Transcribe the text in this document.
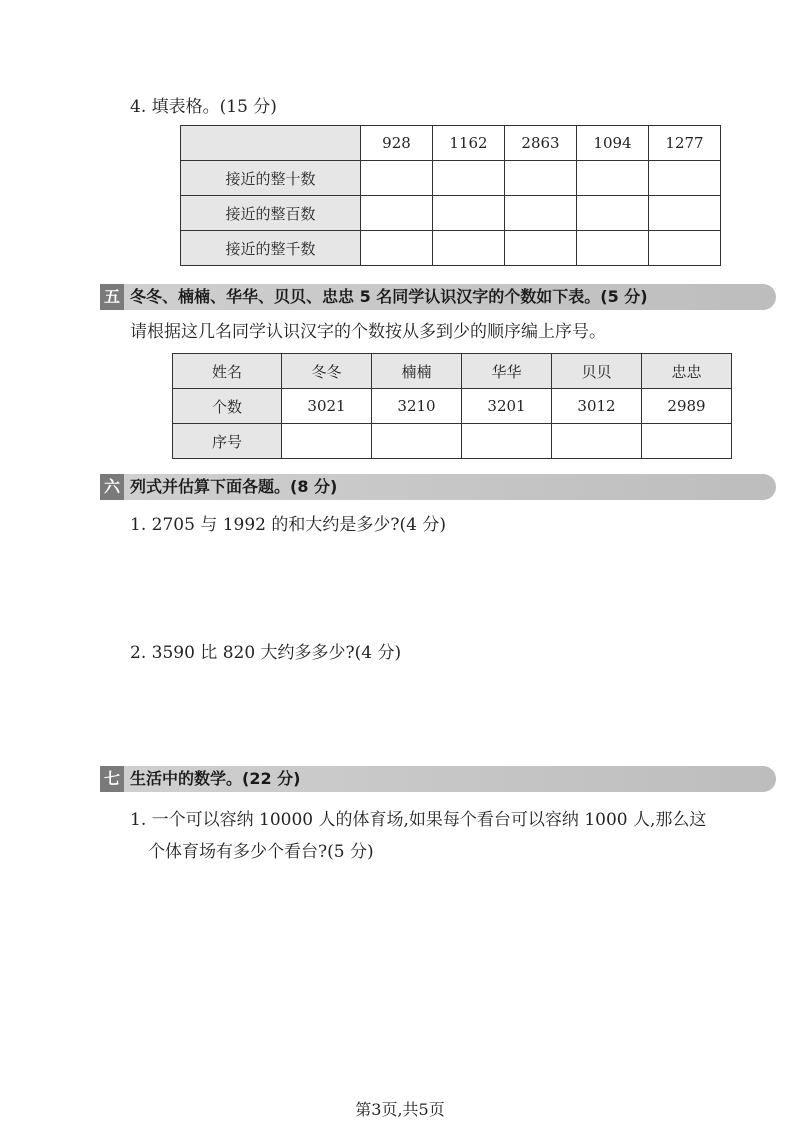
4. 填表格。(15 分)
	928	1162	2863	1094	1277
接近的整十数					
接近的整百数					
接近的整千数					
五 冬冬、楠楠、华华、贝贝、忠忠 5 名同学认识汉字的个数如下表。(5 分)
请根据这几名同学认识汉字的个数按从多到少的顺序编上序号。
姓名	冬冬	楠楠	华华	贝贝	忠忠
个数	3021	3210	3201	3012	2989
序号					
六 列式并估算下面各题。(8 分)
1. 2705 与 1992 的和大约是多少?(4 分)
2. 3590 比 820 大约多多少?(4 分)
七 生活中的数学。(22 分)
1. 一个可以容纳 10000 人的体育场,如果每个看台可以容纳 1000 人,那么这
个体育场有多少个看台?(5 分)
第3页,共5页
